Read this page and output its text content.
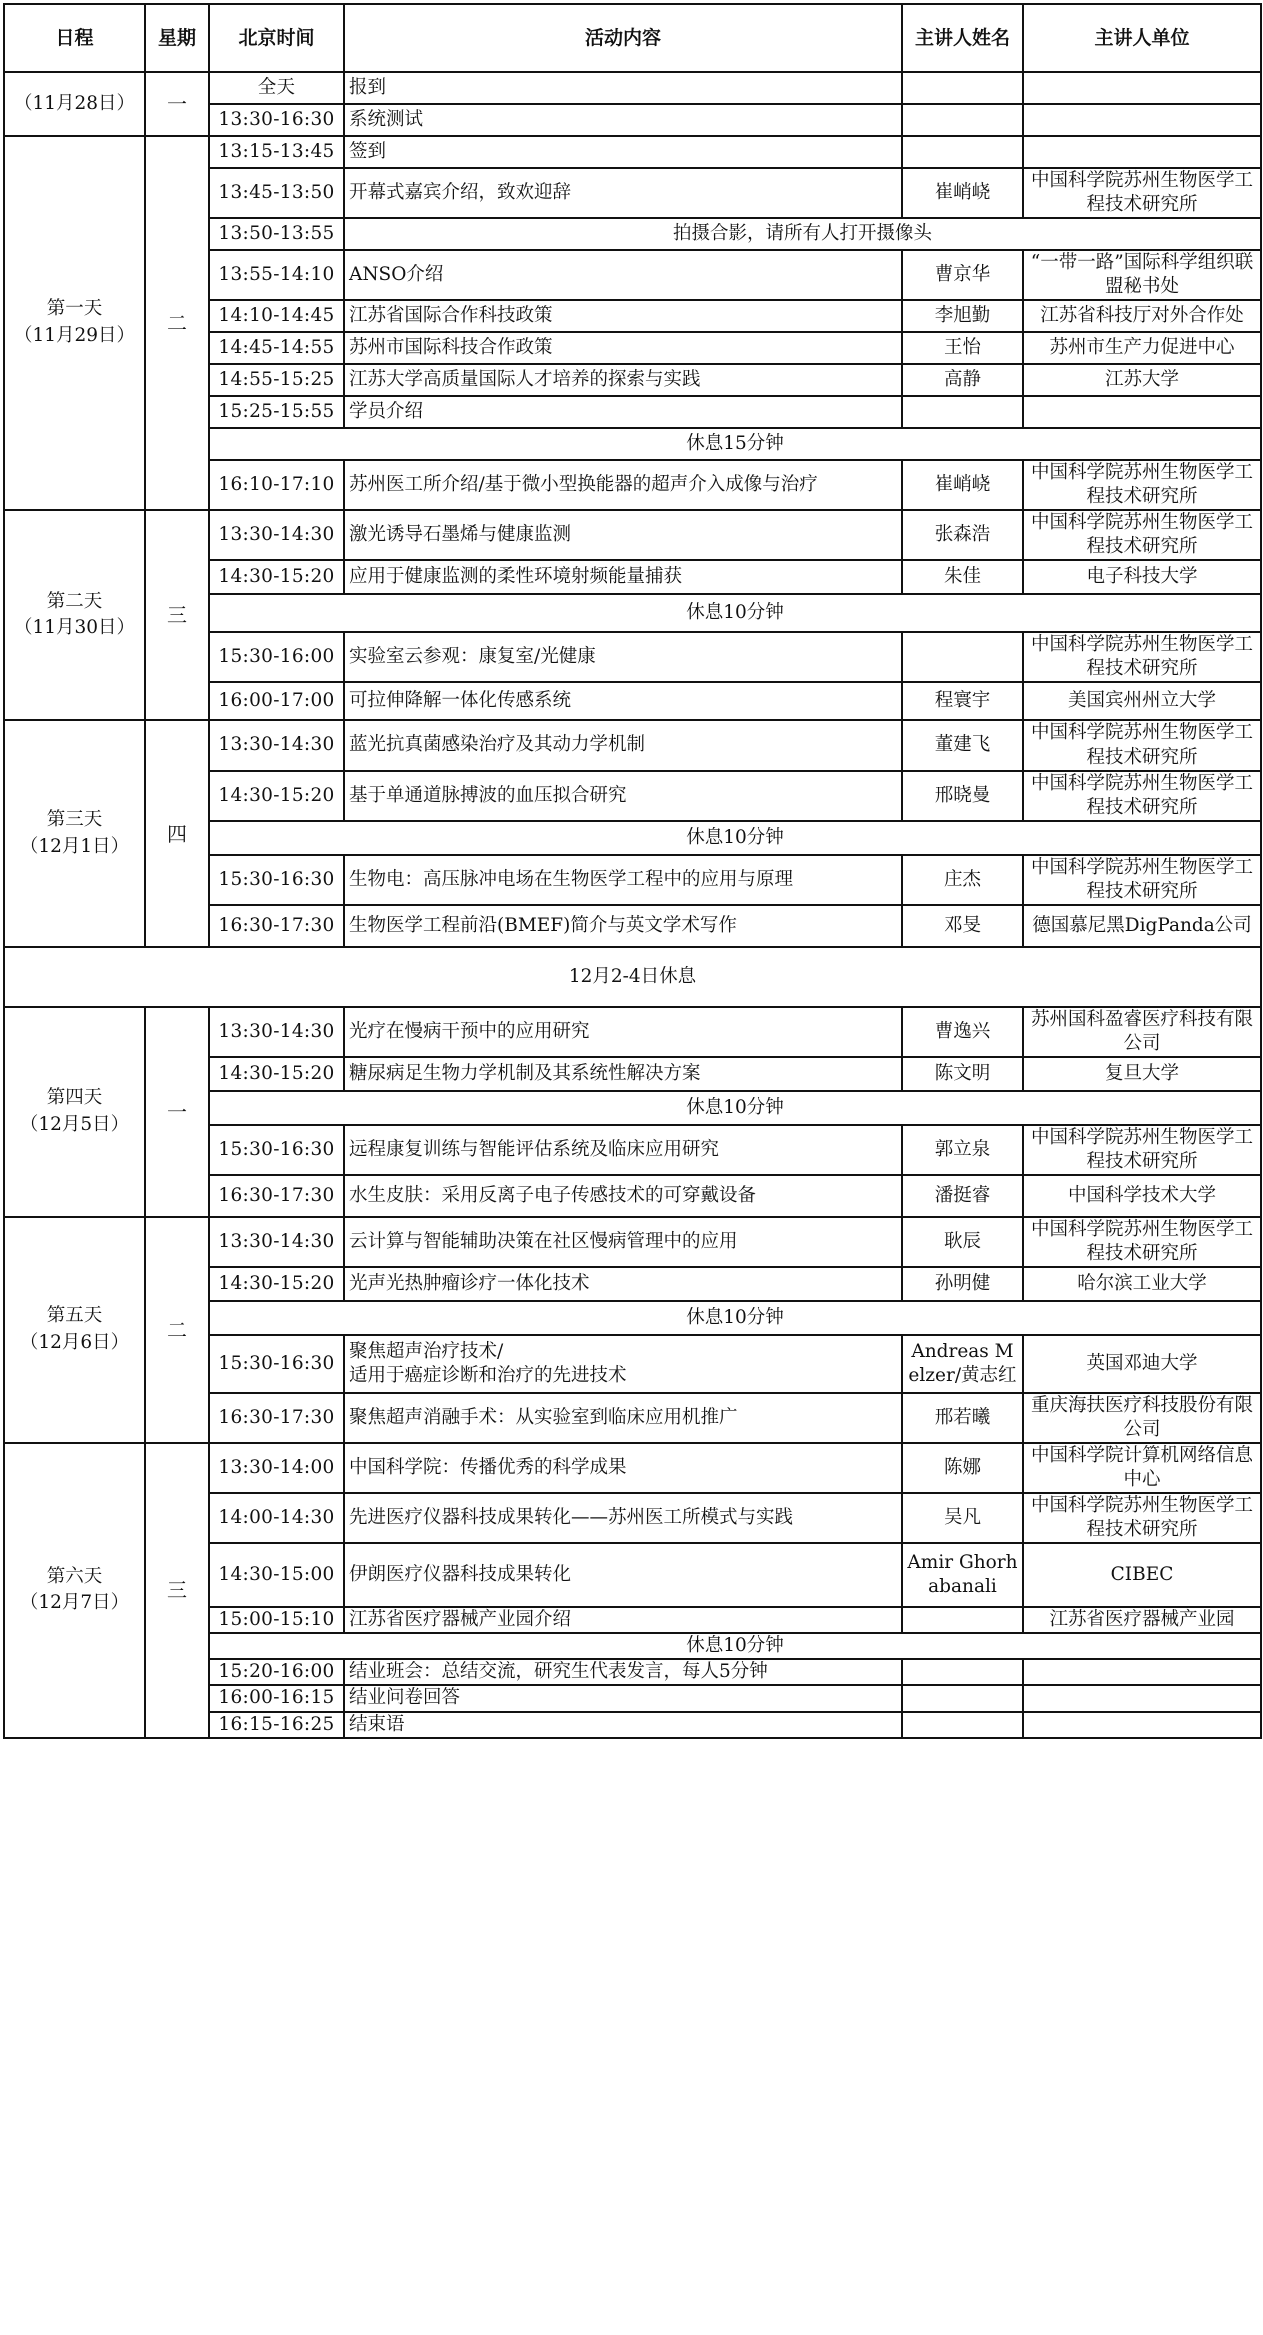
日程	星期	北京时间	活动内容	主讲人姓名	主讲人单位

（11月28日）	一	全天	报到		

		13:30-16:30	系统测试		

第一天
（11月29日）	二	13:15-13:45	签到		

		13:45-13:50	开幕式嘉宾介绍，致欢迎辞	崔峭峣	中国科学院苏州生物医学工程技术研究所
		13:50-13:55	拍摄合影，请所有人打开摄像头		
		13:55-14:10	ANSO介绍	曹京华	“一带一路”国际科学组织联盟秘书处
		14:10-14:45	江苏省国际合作科技政策	李旭勤	江苏省科技厅对外合作处
		14:45-14:55	苏州市国际科技合作政策	王怡	苏州市生产力促进中心
		14:55-15:25	江苏大学高质量国际人才培养的探索与实践	高静	江苏大学
		15:25-15:55	学员介绍		

		休息15分钟			
		16:10-17:10	苏州医工所介绍/基于微小型换能器的超声介入成像与治疗	崔峭峣	中国科学院苏州生物医学工程技术研究所

第二天
（11月30日）	三	13:30-14:30	激光诱导石墨烯与健康监测	张森浩	中国科学院苏州生物医学工程技术研究所
		14:30-15:20	应用于健康监测的柔性环境射频能量捕获	朱佳	电子科技大学
		休息10分钟			
		15:30-16:00	实验室云参观：康复室/光健康		中国科学院苏州生物医学工程技术研究所
		16:00-17:00	可拉伸降解一体化传感系统	程寰宇	美国宾州州立大学

第三天
（12月1日）	四	13:30-14:30	蓝光抗真菌感染治疗及其动力学机制	董建飞	中国科学院苏州生物医学工程技术研究所
		14:30-15:20	基于单通道脉搏波的血压拟合研究	邢晓曼	中国科学院苏州生物医学工程技术研究所
		休息10分钟			
		15:30-16:30	生物电：高压脉冲电场在生物医学工程中的应用与原理	庄杰	中国科学院苏州生物医学工程技术研究所
		16:30-17:30	生物医学工程前沿(BMEF)简介与英文学术写作	邓旻	德国慕尼黑DigPanda公司
12月2-4日休息					

第四天
（12月5日）	一	13:30-14:30	光疗在慢病干预中的应用研究	曹逸兴	苏州国科盈睿医疗科技有限公司
		14:30-15:20	糖尿病足生物力学机制及其系统性解决方案	陈文明	复旦大学
		休息10分钟			
		15:30-16:30	远程康复训练与智能评估系统及临床应用研究	郭立泉	中国科学院苏州生物医学工程技术研究所
		16:30-17:30	水生皮肤：采用反离子电子传感技术的可穿戴设备	潘挺睿	中国科学技术大学

第五天
（12月6日）	二	13:30-14:30	云计算与智能辅助决策在社区慢病管理中的应用	耿辰	中国科学院苏州生物医学工程技术研究所
		14:30-15:20	光声光热肿瘤诊疗一体化技术	孙明健	哈尔滨工业大学
		休息10分钟			
		15:30-16:30	聚焦超声治疗技术/
适用于癌症诊断和治疗的先进技术	Andreas Melzer/黄志红	英国邓迪大学
		16:30-17:30	聚焦超声消融手术：从实验室到临床应用机推广	邢若曦	重庆海扶医疗科技股份有限公司

第六天
（12月7日）	三	13:30-14:00	中国科学院：传播优秀的科学成果	陈娜	中国科学院计算机网络信息中心
		14:00-14:30	先进医疗仪器科技成果转化——苏州医工所模式与实践	吴凡	中国科学院苏州生物医学工程技术研究所
		14:30-15:00	伊朗医疗仪器科技成果转化	Amir Ghorhabanali	CIBEC
		15:00-15:10	江苏省医疗器械产业园介绍		江苏省医疗器械产业园
		休息10分钟			
		15:20-16:00	结业班会：总结交流，研究生代表发言，每人5分钟		

		16:00-16:15	结业问卷回答		

		16:15-16:25	结束语		
